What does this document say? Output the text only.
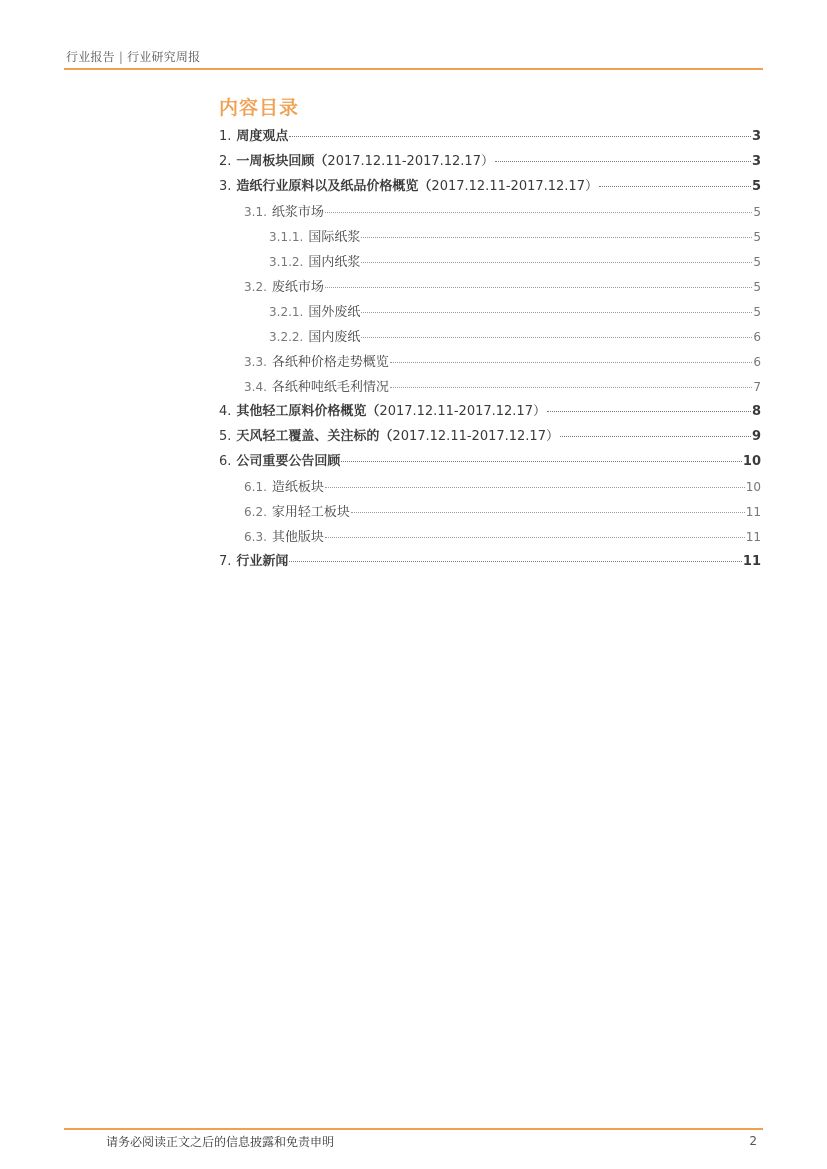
行业报告 | 行业研究周报
内容目录
1. 周度观点	3
2. 一周板块回顾（2017.12.11-2017.12.17）	3
3. 造纸行业原料以及纸品价格概览（2017.12.11-2017.12.17）	5
3.1. 纸浆市场	5
3.1.1. 国际纸浆	5
3.1.2. 国内纸浆	5
3.2. 废纸市场	5
3.2.1. 国外废纸	5
3.2.2. 国内废纸	6
3.3. 各纸种价格走势概览	6
3.4. 各纸种吨纸毛利情况	7
4. 其他轻工原料价格概览（2017.12.11-2017.12.17）	8
5. 天风轻工覆盖、关注标的（2017.12.11-2017.12.17）	9
6. 公司重要公告回顾	10
6.1. 造纸板块	10
6.2. 家用轻工板块	11
6.3. 其他版块	11
7. 行业新闻	11
请务必阅读正文之后的信息披露和免责申明	2
